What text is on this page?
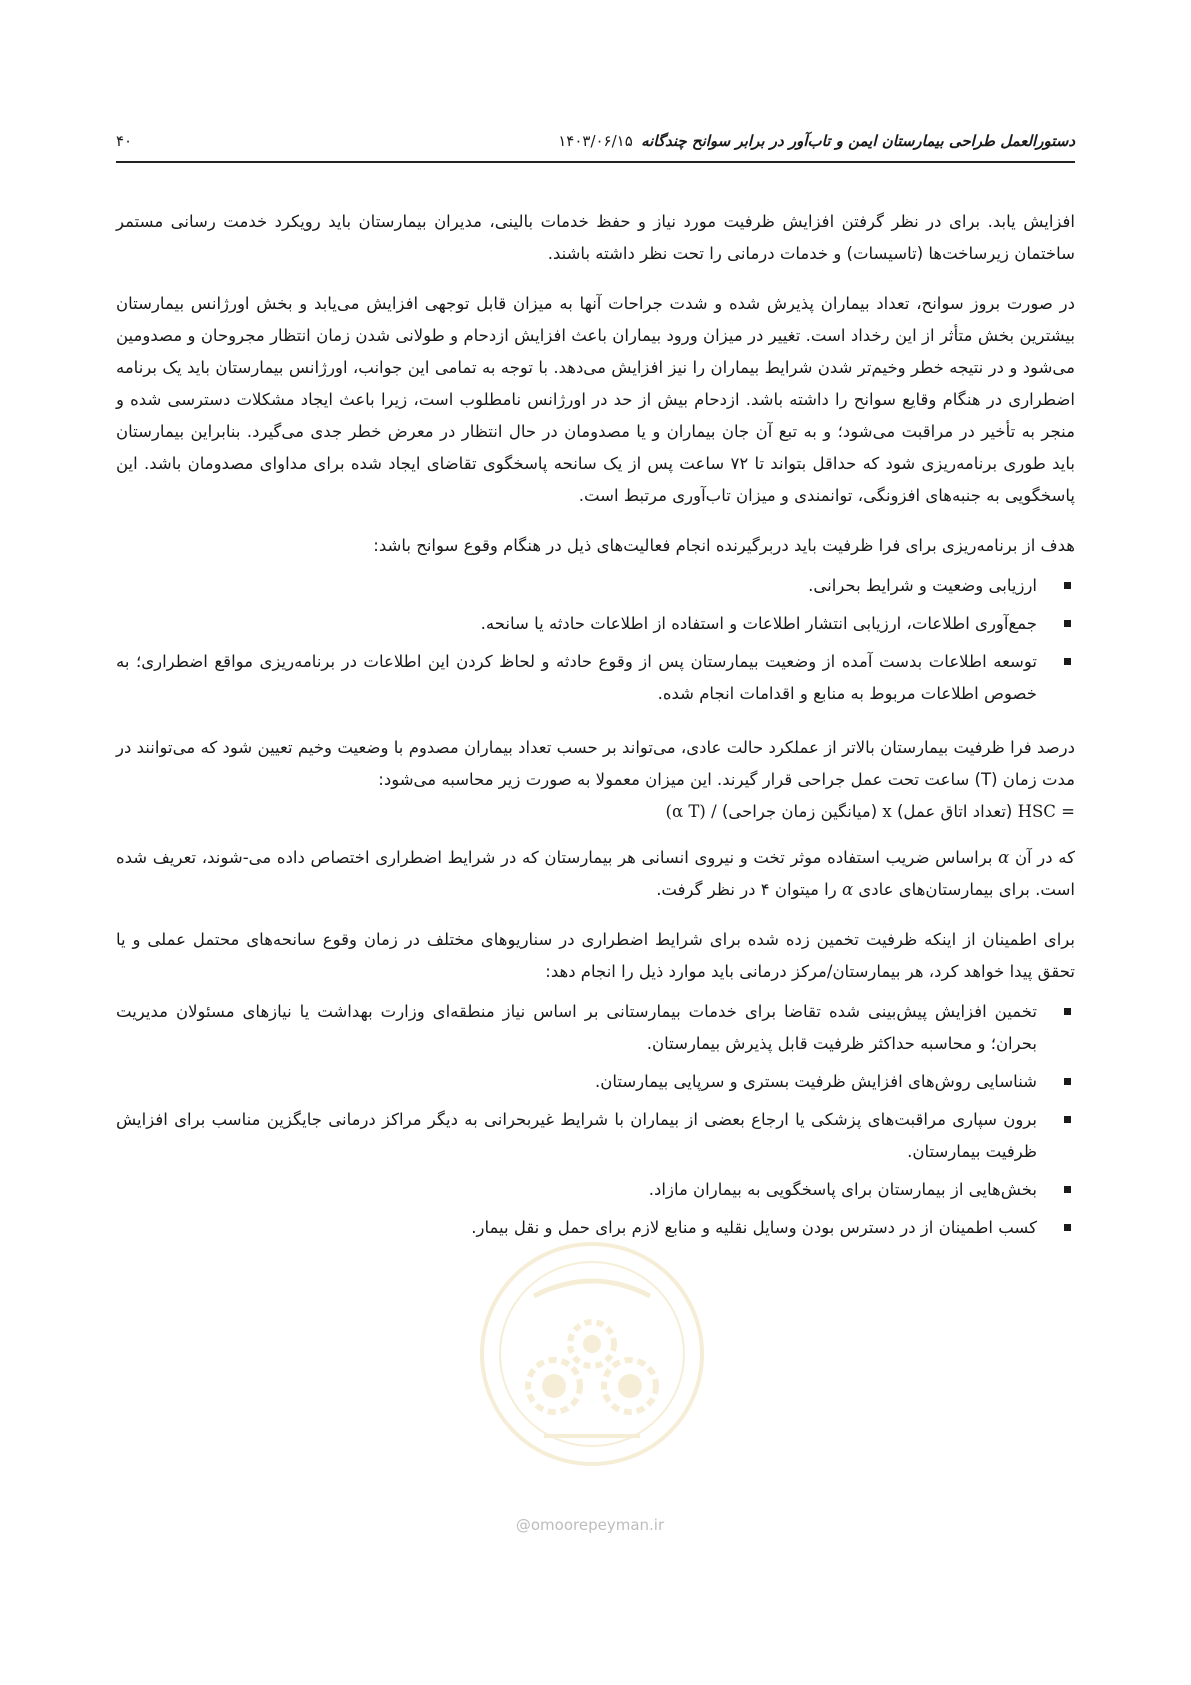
۴۰	۱۴۰۳/۰۶/۱۵ دستورالعمل طراحی بیمارستان ایمن و تاب‌آور در برابر سوانح چندگانه

افزایش یابد. برای در نظر گرفتن افزایش ظرفیت مورد نیاز و حفظ خدمات بالینی، مدیران بیمارستان باید رویکرد خدمت رسانی مستمر ساختمان زیرساخت‌ها (تاسیسات) و خدمات درمانی را تحت نظر داشته باشند.

در صورت بروز سوانح، تعداد بیماران پذیرش شده و شدت جراحات آنها به میزان قابل توجهی افزایش می‌یابد و بخش اورژانس بیمارستان بیشترین بخش متأثر از این رخداد است. تغییر در میزان ورود بیماران باعث افزایش ازدحام و طولانی شدن زمان انتظار مجروحان و مصدومین می‌شود و در نتیجه خطر وخیم‌تر شدن شرایط بیماران را نیز افزایش می‌دهد. با توجه به تمامی این جوانب، اورژانس بیمارستان باید یک برنامه اضطراری در هنگام وقایع سوانح را داشته باشد. ازدحام بیش از حد در اورژانس نامطلوب است، زیرا باعث ایجاد مشکلات دسترسی شده و منجر به تأخیر در مراقبت می‌شود؛ و به تبع آن جان بیماران و یا مصدومان در حال انتظار در معرض خطر جدی می‌گیرد. بنابراین بیمارستان باید طوری برنامه‌ریزی شود که حداقل بتواند تا ۷۲ ساعت پس از یک سانحه پاسخگوی تقاضای ایجاد شده برای مداوای مصدومان باشد. این پاسخگویی به جنبه‌های افزونگی، توانمندی و میزان تاب‌آوری مرتبط است.

هدف از برنامه‌ریزی برای فرا ظرفیت باید دربرگیرنده انجام فعالیت‌های ذیل در هنگام وقوع سوانح باشد:

ارزیابی وضعیت و شرایط بحرانی.
جمع‌آوری اطلاعات، ارزیابی انتشار اطلاعات و استفاده از اطلاعات حادثه یا سانحه.
توسعه اطلاعات بدست آمده از وضعیت بیمارستان پس از وقوع حادثه و لحاظ کردن این اطلاعات در برنامه‌ریزی مواقع اضطراری؛ به خصوص اطلاعات مربوط به منابع و اقدامات انجام شده.

درصد فرا ظرفیت بیمارستان بالاتر از عملکرد حالت عادی، می‌تواند بر حسب تعداد بیماران مصدوم با وضعیت وخیم تعیین شود که می‌توانند در مدت زمان (T) ساعت تحت عمل جراحی قرار گیرند. این میزان معمولا به صورت زیر محاسبه می‌شود:
(α T) / (میانگین زمان جراحی) x (تعداد اتاق عمل) HSC =

که در آن α براساس ضریب استفاده موثر تخت و نیروی انسانی هر بیمارستان که در شرایط اضطراری اختصاص داده می-شوند، تعریف شده است. برای بیمارستان‌های عادی α را میتوان ۴ در نظر گرفت.

برای اطمینان از اینکه ظرفیت تخمین زده شده برای شرایط اضطراری در سناریوهای مختلف در زمان وقوع سانحه‌های محتمل عملی و یا تحقق پیدا خواهد کرد، هر بیمارستان/مرکز درمانی باید موارد ذیل را انجام دهد:

تخمین افزایش پیش‌بینی شده تقاضا برای خدمات بیمارستانی بر اساس نیاز منطقه‌ای وزارت بهداشت یا نیازهای مسئولان مدیریت بحران؛ و محاسبه حداکثر ظرفیت قابل پذیرش بیمارستان.
شناسایی روش‌های افزایش ظرفیت بستری و سرپایی بیمارستان.
برون سپاری مراقبت‌های پزشکی یا ارجاع بعضی از بیماران با شرایط غیربحرانی به دیگر مراکز درمانی جایگزین مناسب برای افزایش ظرفیت بیمارستان.
بخش‌هایی از بیمارستان برای پاسخگویی به بیماران مازاد.
کسب اطمینان از در دسترس بودن وسایل نقلیه و منابع لازم برای حمل و نقل بیمار.
@omoorepeyman.ir
